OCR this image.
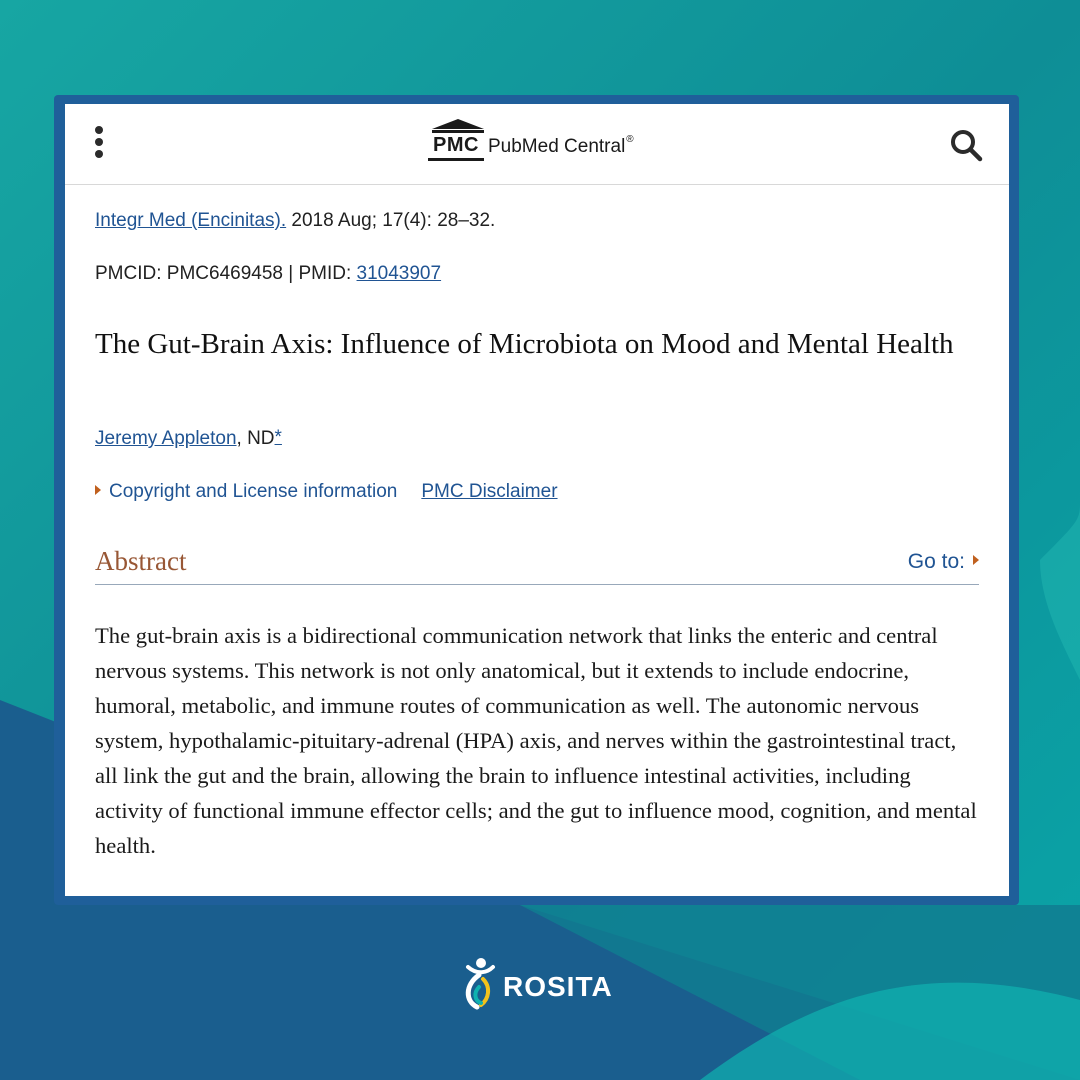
PMC PubMed Central®
Integr Med (Encinitas). 2018 Aug; 17(4): 28–32.
PMCID: PMC6469458 | PMID: 31043907
The Gut-Brain Axis: Influence of Microbiota on Mood and Mental Health
Jeremy Appleton, ND*
Copyright and License information PMC Disclaimer
Abstract	Go to:

The gut-brain axis is a bidirectional communication network that links the enteric and central nervous systems. This network is not only anatomical, but it extends to include endocrine, humoral, metabolic, and immune routes of communication as well. The autonomic nervous system, hypothalamic-pituitary-adrenal (HPA) axis, and nerves within the gastrointestinal tract, all link the gut and the brain, allowing the brain to influence intestinal activities, including activity of functional immune effector cells; and the gut to influence mood, cognition, and mental health.

ROSITA
